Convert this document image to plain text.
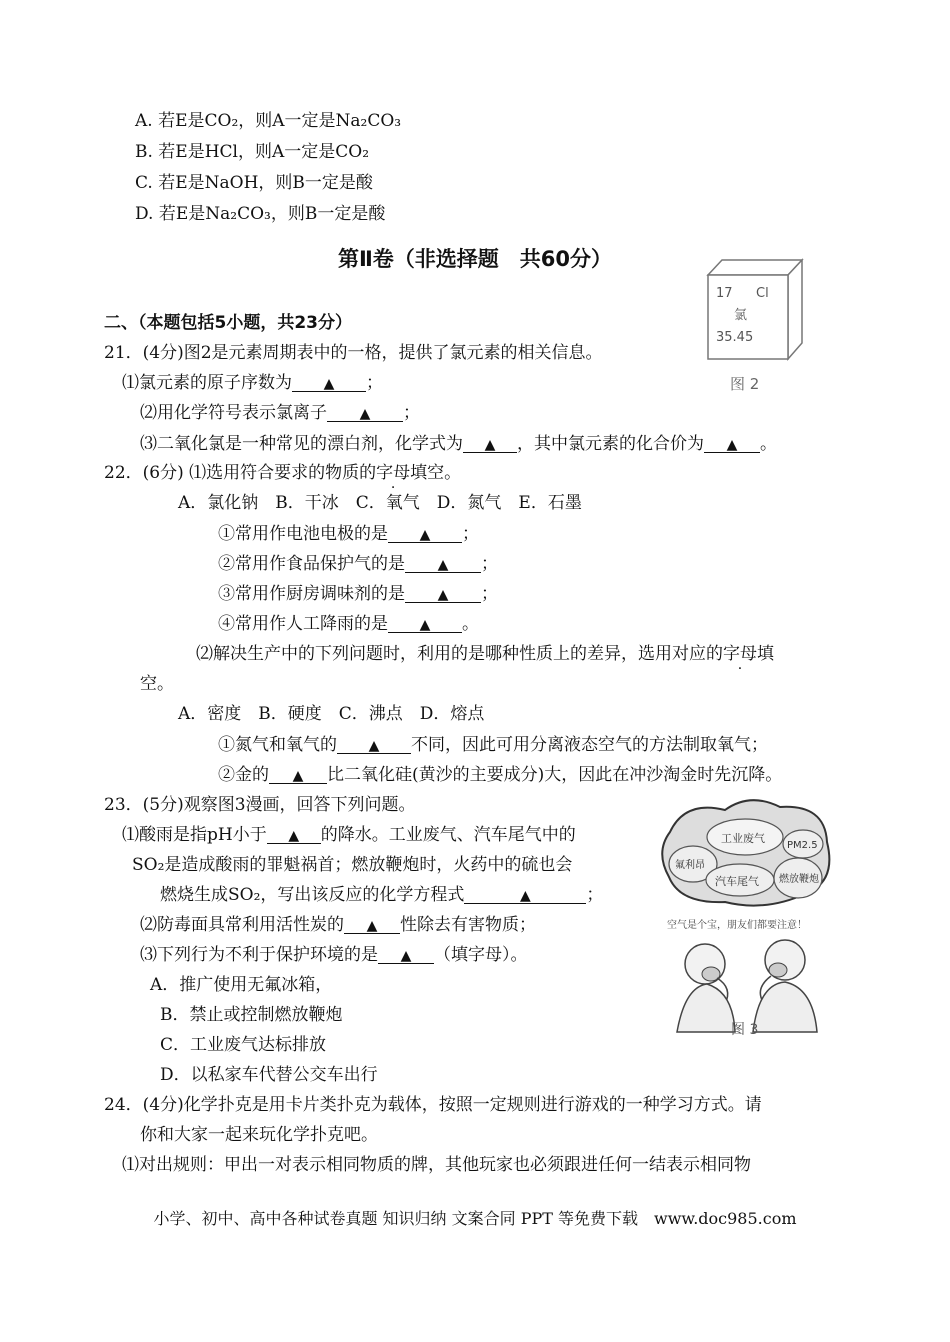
A. 若E是CO₂，则A一定是Na₂CO₃
B. 若E是HCl，则A一定是CO₂
C. 若E是NaOH，则B一定是酸
D. 若E是Na₂CO₃，则B一定是酸
第Ⅱ卷（非选择题　共60分）
17 Cl
氯
35.45
图 2
二、（本题包括5小题，共23分）
21．(4分)图2是元素周期表中的一格，提供了氯元素的相关信息。
⑴氯元素的原子序数为 ▲ ；
⑵用化学符号表示氯离子 ▲ ；
⑶二氧化氯是一种常见的漂白剂，化学式为 ▲ ，其中氯元素的化合价为 ▲ 。
22．(6分) ⑴选用符合要求的物质的字母填空。
A．氯化钠　B．干冰　C．氧气　D．氮气　E．石墨
①常用作电池电极的是 ▲ ；
②常用作食品保护气的是 ▲ ；
③常用作厨房调味剂的是 ▲ ；
④常用作人工降雨的是 ▲ 。
⑵解决生产中的下列问题时，利用的是哪种性质上的差异，选用对应的字母填
空。
A．密度　B．硬度　C．沸点　D．熔点
①氮气和氧气的 ▲ 不同，因此可用分离液态空气的方法制取氧气；
②金的 ▲ 比二氧化硅(黄沙的主要成分)大，因此在冲沙淘金时先沉降。
23．(5分)观察图3漫画，回答下列问题。
⑴酸雨是指pH小于 ▲ 的降水。工业废气、汽车尾气中的
SO₂是造成酸雨的罪魁祸首；燃放鞭炮时，火药中的硫也会
燃烧生成SO₂，写出该反应的化学方程式	▲	；
⑵防毒面具常利用活性炭的 ▲ 性除去有害物质；
⑶下列行为不利于保护环境的是 ▲ （填字母）。
A．推广使用无氟冰箱，
B．禁止或控制燃放鞭炮
C．工业废气达标排放
D．以私家车代替公交车出行
工业废气
氟利昂
PM2.5
汽车尾气 燃放鞭炮
空气是个宝，朋友们都要注意！
图 3
24．(4分)化学扑克是用卡片类扑克为载体，按照一定规则进行游戏的一种学习方式。请
你和大家一起来玩化学扑克吧。
⑴对出规则：甲出一对表示相同物质的牌，其他玩家也必须跟进任何一结表示相同物
小学、初中、高中各种试卷真题 知识归纳 文案合同 PPT 等免费下载　www.doc985.com
